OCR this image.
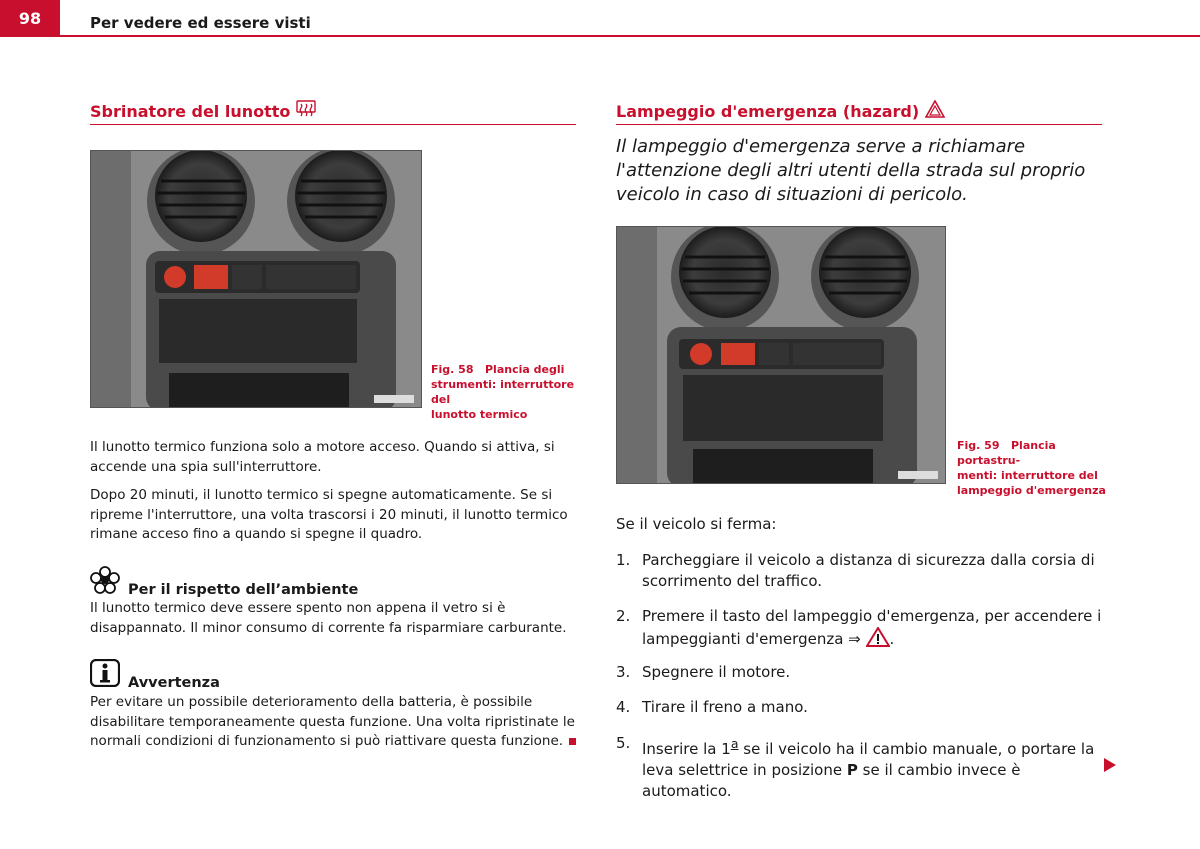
98	Per vedere ed essere visti
Sbrinatore del lunotto
Fig. 58 Plancia degli
strumenti: interruttore del
lunotto termico
Il lunotto termico funziona solo a motore acceso. Quando si attiva, si accende una spia sull'interruttore.
Dopo 20 minuti, il lunotto termico si spegne automaticamente. Se si ripreme l'interruttore, una volta trascorsi i 20 minuti, il lunotto termico rimane acceso fino a quando si spegne il quadro.
Per il rispetto dell’ambiente
Il lunotto termico deve essere spento non appena il vetro si è disappannato. Il minor consumo di corrente fa risparmiare carburante.
Avvertenza
Per evitare un possibile deterioramento della batteria, è possibile disabilitare temporaneamente questa funzione. Una volta ripristinate le normali condizioni di funzionamento si può riattivare questa funzione.
Lampeggio d'emergenza (hazard)
Il lampeggio d'emergenza serve a richiamare l'attenzione degli altri utenti della strada sul proprio veicolo in caso di situazioni di pericolo.
Fig. 59 Plancia portastru-
menti: interruttore del
lampeggio d'emergenza
Se il veicolo si ferma:
1. Parcheggiare il veicolo a distanza di sicurezza dalla corsia di scorrimento del traffico.
2. Premere il tasto del lampeggio d'emergenza, per accendere i lampeggianti d'emergenza ⇒ .
3. Spegnere il motore.
4. Tirare il freno a mano.
5. Inserire la 1$^a$ se il veicolo ha il cambio manuale, o portare la leva selettrice in posizione P se il cambio invece è automatico.
